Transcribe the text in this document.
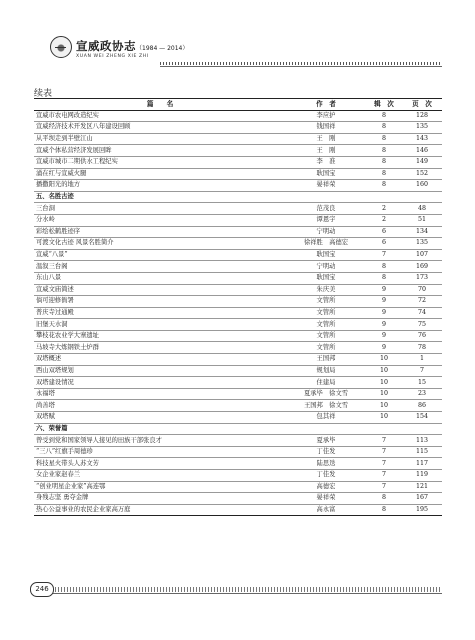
宣威政协志（1984 — 2014）
XUAN WEI ZHENG XIE ZHI
续表
篇　　名	作　者	辑　次	页　次
宣威市农电网改造纪实	李应护	8	128
宣威经济技术开发区八年建设回顾	钱国祥	8	135
从平坝走到半壁江山	王　刚	8	143
宣威个体私营经济发展回眸	王　刚	8	146
宣威市城市二期供水工程纪实	李　准	8	149
涌在红与宣威火腿	耿国宝	8	152
播撒阳光的地方	晏祥荣	8	160
五、名胜古迹			
三台洞	范茂良	2	48
分水岭	谭恩宇	2	51
彩绘松鹤胜迹序	宁明动	6	134
可渡文化古迹 风景名胜简介	徐祥胜　高德宏	6	135
宣威“八景”	耿国宝	7	107
温叙三台阁	宁明动	8	169
东山八景	耿国宝	8	173
宣威文庙简述	朱庆美	9	70
倘可迎修衙署	文管所	9	72
普庆寺过通殿	文管所	9	74
旧堡天水洞	文管所	9	75
攀枝花农业学大寨遗址	文管所	9	76
马坡寺大炼钢铁土炉群	文管所	9	78
双塔概述	王国邦	10	1
西山双塔规划	规划局	10	7
双塔建设情况	住建局	10	15
永福塔	夏承毕　徐文雪	10	23
尚善塔	王国邦　徐文雪	10	86
双塔赋	包其祥	10	154
六、荣誉篇			
曾受到党和国家领导人接见的田族干部张良才	夏承毕	7	113
“三八”红旗手周德珍	丁佳发	7	115
科技星火带头人苏文芳	陆思迭	7	117
女企业家赵春兰	丁佳发	7	119
“创业明星企业家”高连鄂	高德宏	7	121
身残志坚 勇夺金牌	晏祥荣	8	167
热心公益事业的农民企业家高万庭	高永富	8	195
246
